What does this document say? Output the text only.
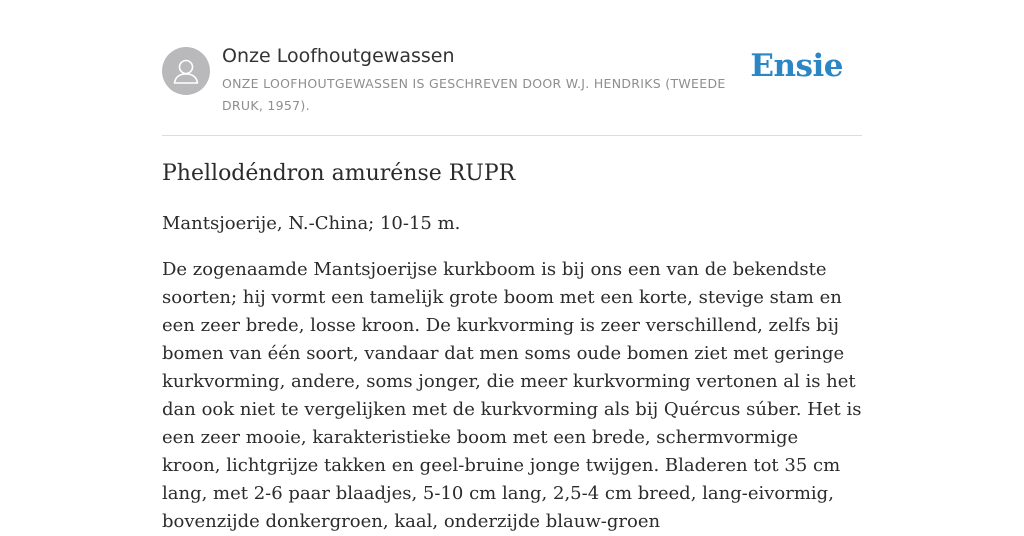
Onze Loofhoutgewassen
ONZE LOOFHOUTGEWASSEN IS GESCHREVEN DOOR W.J. HENDRIKS (TWEEDE DRUK, 1957).
Ensie
Phellodéndron amurénse RUPR

Mantsjoerije, N.-China; 10-15 m.

De zogenaamde Mantsjoerijse kurkboom is bij ons een van de bekendste soorten; hij vormt een tamelijk grote boom met een korte, stevige stam en een zeer brede, losse kroon. De kurkvorming is zeer verschillend, zelfs bij bomen van één soort, vandaar dat men soms oude bomen ziet met geringe kurkvorming, andere, soms jonger, die meer kurkvorming vertonen al is het dan ook niet te vergelijken met de kurkvorming als bij Quércus súber. Het is een zeer mooie, karakteristieke boom met een brede, schermvormige kroon, lichtgrijze takken en geel-bruine jonge twijgen. Bladeren tot 35 cm lang, met 2-6 paar blaadjes, 5-10 cm lang, 2,5-4 cm breed, lang-eivormig, bovenzijde donkergroen, kaal, onderzijde blauw-groen
